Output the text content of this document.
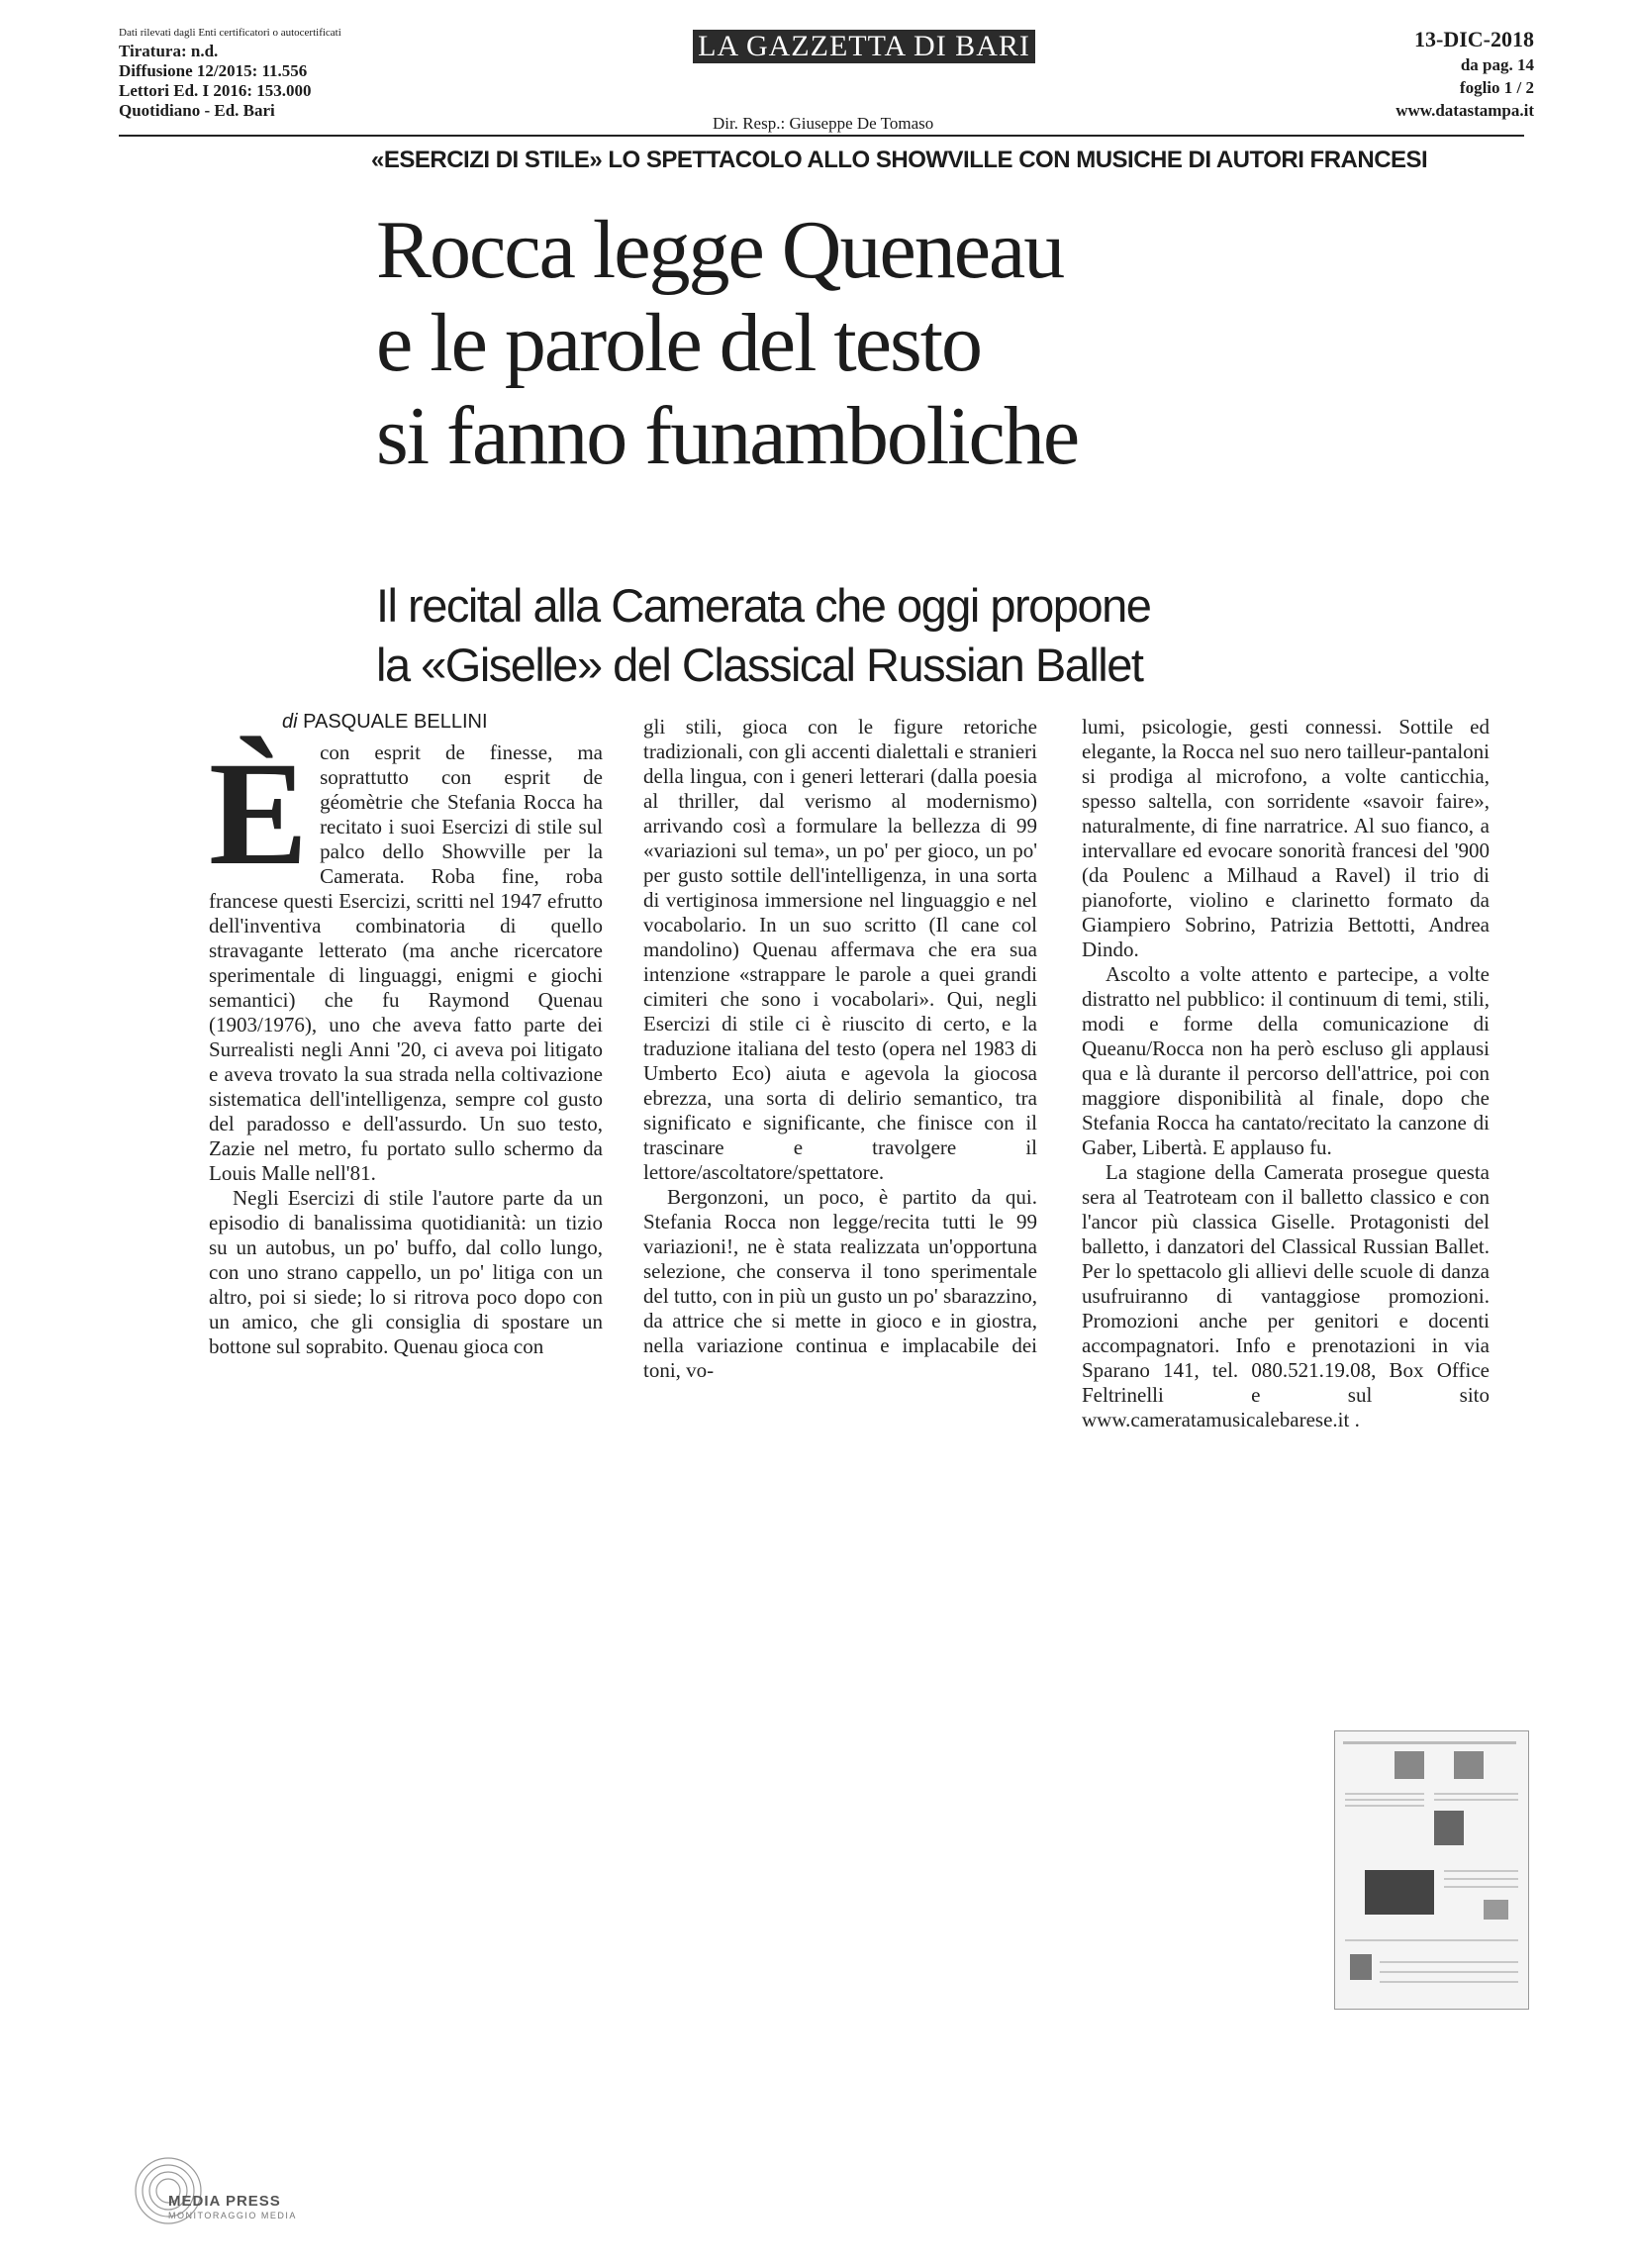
Dati rilevati dagli Enti certificatori o autocertificati
Tiratura: n.d.
Diffusione 12/2015: 11.556
Lettori Ed. I 2016: 153.000
Quotidiano - Ed. Bari
LA GAZZETTA DI BARI
Dir. Resp.: Giuseppe De Tomaso
13-DIC-2018
da pag. 14
foglio 1 / 2
www.datastampa.it
«ESERCIZI DI STILE» LO SPETTACOLO ALLO SHOWVILLE CON MUSICHE DI AUTORI FRANCESI
Rocca legge Queneau
e le parole del testo
si fanno funamboliche
Il recital alla Camerata che oggi propone
la «Giselle» del Classical Russian Ballet
di PASQUALE BELLINI
È con esprit de finesse, ma soprattutto con esprit de géomètrie che Stefania Rocca ha recitato i suoi Esercizi di stile sul palco dello Showville per la Camerata. Roba fine, roba francese questi Esercizi, scritti nel 1947 efrutto dell'inventiva combinatoria di quello stravagante letterato (ma anche ricercatore sperimentale di linguaggi, enigmi e giochi semantici) che fu Raymond Quenau (1903/1976), uno che aveva fatto parte dei Surrealisti negli Anni '20, ci aveva poi litigato e aveva trovato la sua strada nella coltivazione sistematica dell'intelligenza, sempre col gusto del paradosso e dell'assurdo. Un suo testo, Zazie nel metro, fu portato sullo schermo da Louis Malle nell'81.

Negli Esercizi di stile l'autore parte da un episodio di banalissima quotidianità: un tizio su un autobus, un po' buffo, dal collo lungo, con uno strano cappello, un po' litiga con un altro, poi si siede; lo si ritrova poco dopo con un amico, che gli consiglia di spostare un bottone sul soprabito. Quenau gioca con

gli stili, gioca con le figure retoriche tradizionali, con gli accenti dialettali e stranieri della lingua, con i generi letterari (dalla poesia al thriller, dal verismo al modernismo) arrivando così a formulare la bellezza di 99 «variazioni sul tema», un po' per gioco, un po' per gusto sottile dell'intelligenza, in una sorta di vertiginosa immersione nel linguaggio e nel vocabolario. In un suo scritto (Il cane col mandolino) Quenau affermava che era sua intenzione «strappare le parole a quei grandi cimiteri che sono i vocabolari». Qui, negli Esercizi di stile ci è riuscito di certo, e la traduzione italiana del testo (opera nel 1983 di Umberto Eco) aiuta e agevola la giocosa ebrezza, una sorta di delirio semantico, tra significato e significante, che finisce con il trascinare e travolgere il lettore/ascoltatore/spettatore.

Bergonzoni, un poco, è partito da qui. Stefania Rocca non legge/recita tutti le 99 variazioni!, ne è stata realizzata un'opportuna selezione, che conserva il tono sperimentale del tutto, con in più un gusto un po' sbarazzino, da attrice che si mette in gioco e in giostra, nella variazione continua e implacabile dei toni, vo-

lumi, psicologie, gesti connessi. Sottile ed elegante, la Rocca nel suo nero tailleur-pantaloni si prodiga al microfono, a volte canticchia, spesso saltella, con sorridente «savoir faire», naturalmente, di fine narratrice. Al suo fianco, a intervallare ed evocare sonorità francesi del '900 (da Poulenc a Milhaud a Ravel) il trio di pianoforte, violino e clarinetto formato da Giampiero Sobrino, Patrizia Bettotti, Andrea Dindo.

Ascolto a volte attento e partecipe, a volte distratto nel pubblico: il continuum di temi, stili, modi e forme della comunicazione di Queanu/Rocca non ha però escluso gli applausi qua e là durante il percorso dell'attrice, poi con maggiore disponibilità al finale, dopo che Stefania Rocca ha cantato/recitato la canzone di Gaber, Libertà. E applauso fu.

La stagione della Camerata prosegue questa sera al Teatroteam con il balletto classico e con l'ancor più classica Giselle. Protagonisti del balletto, i danzatori del Classical Russian Ballet. Per lo spettacolo gli allievi delle scuole di danza usufruiranno di vantaggiose promozioni. Promozioni anche per genitori e docenti accompagnatori. Info e prenotazioni in via Sparano 141, tel. 080.521.19.08, Box Office Feltrinelli e sul sito www.cameratamusicalebarese.it .

MEDIA PRESS
MONITORAGGIO MEDIA
